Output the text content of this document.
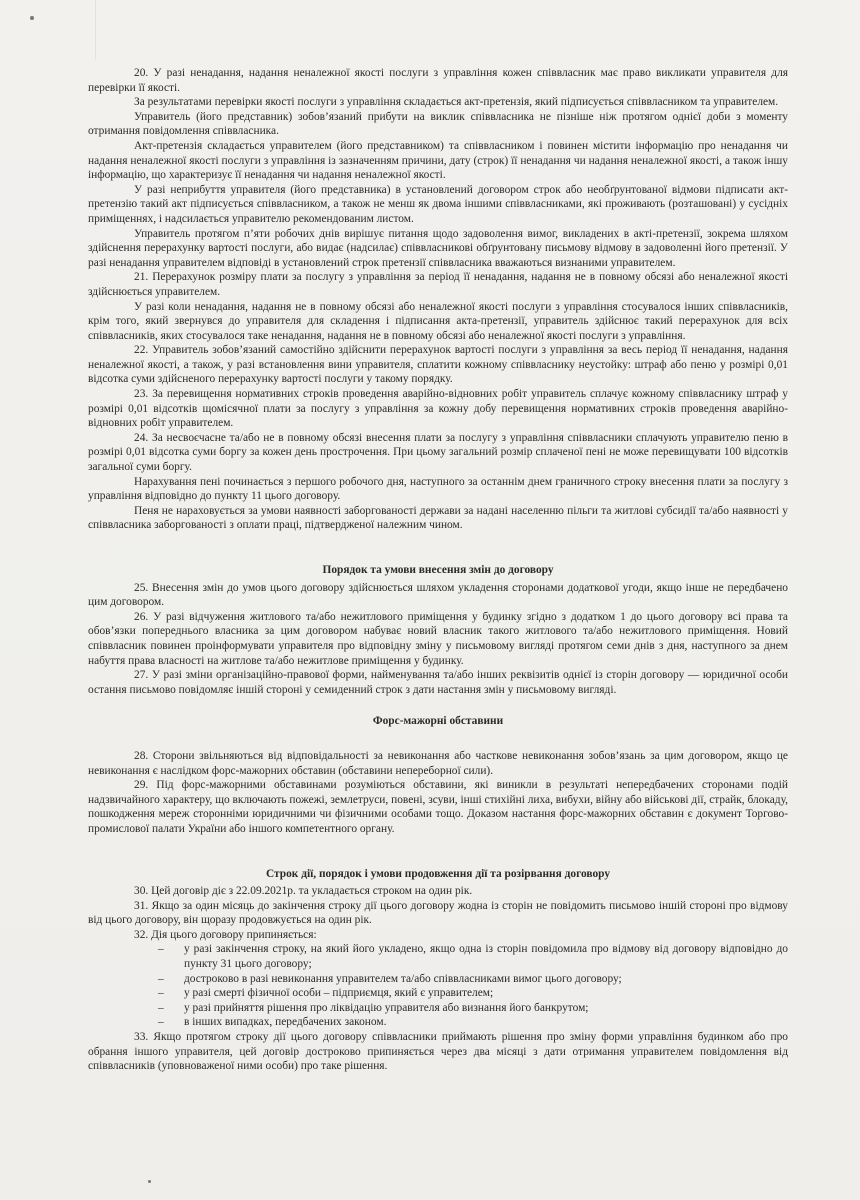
20. У разі ненадання, надання неналежної якості послуги з управління кожен співвласник має право викликати управителя для перевірки її якості.

За результатами перевірки якості послуги з управління складається акт-претензія, який підписується співвласником та управителем.

Управитель (його представник) зобов’язаний прибути на виклик співвласника не пізніше ніж протягом однієї доби з моменту отримання повідомлення співвласника.

Акт-претензія складається управителем (його представником) та співвласником і повинен містити інформацію про ненадання чи надання неналежної якості послуги з управління із зазначенням причини, дату (строк) її ненадання чи надання неналежної якості, а також іншу інформацію, що характеризує її ненадання чи надання неналежної якості.

У разі неприбуття управителя (його представника) в установлений договором строк або необґрунтованої відмови підписати акт-претензію такий акт підписується співвласником, а також не менш як двома іншими співвласниками, які проживають (розташовані) у сусідніх приміщеннях, і надсилається управителю рекомендованим листом.

Управитель протягом п’яти робочих днів вирішує питання щодо задоволення вимог, викладених в акті-претензії, зокрема шляхом здійснення перерахунку вартості послуги, або видає (надсилає) співвласникові обґрунтовану письмову відмову в задоволенні його претензії. У разі ненадання управителем відповіді в установлений строк претензії співвласника вважаються визнаними управителем.

21. Перерахунок розміру плати за послугу з управління за період її ненадання, надання не в повному обсязі або неналежної якості здійснюється управителем.

У разі коли ненадання, надання не в повному обсязі або неналежної якості послуги з управління стосувалося інших співвласників, крім того, який звернувся до управителя для складення і підписання акта-претензії, управитель здійснює такий перерахунок для всіх співвласників, яких стосувалося таке ненадання, надання не в повному обсязі або неналежної якості послуги з управління.

22. Управитель зобов’язаний самостійно здійснити перерахунок вартості послуги з управління за весь період її ненадання, надання неналежної якості, а також, у разі встановлення вини управителя, сплатити кожному співвласнику неустойку: штраф або пеню у розмірі 0,01 відсотка суми здійсненого перерахунку вартості послуги у такому порядку.

23. За перевищення нормативних строків проведення аварійно-відновних робіт управитель сплачує кожному співвласнику штраф у розмірі 0,01 відсотків щомісячної плати за послугу з управління за кожну добу перевищення нормативних строків проведення аварійно-відновних робіт управителем.

24. За несвоєчасне та/або не в повному обсязі внесення плати за послугу з управління співвласники сплачують управителю пеню в розмірі 0,01 відсотка суми боргу за кожен день прострочення. При цьому загальний розмір сплаченої пені не може перевищувати 100 відсотків загальної суми боргу.

Нарахування пені починається з першого робочого дня, наступного за останнім днем граничного строку внесення плати за послугу з управління відповідно до пункту 11 цього договору.

Пеня не нараховується за умови наявності заборгованості держави за надані населенню пільги та житлові субсидії та/або наявності у співвласника заборгованості з оплати праці, підтвердженої належним чином.

Порядок та умови внесення змін до договору

25. Внесення змін до умов цього договору здійснюється шляхом укладення сторонами додаткової угоди, якщо інше не передбачено цим договором.

26. У разі відчуження житлового та/або нежитлового приміщення у будинку згідно з додатком 1 до цього договору всі права та обов’язки попереднього власника за цим договором набуває новий власник такого житлового та/або нежитлового приміщення. Новий співвласник повинен проінформувати управителя про відповідну зміну у письмовому вигляді протягом семи днів з дня, наступного за днем набуття права власності на житлове та/або нежитлове приміщення у будинку.

27. У разі зміни організаційно-правової форми, найменування та/або інших реквізитів однієї із сторін договору — юридичної особи остання письмово повідомляє іншій стороні у семиденний строк з дати настання змін у письмовому вигляді.

Форс-мажорні обставини

28. Сторони звільняються від відповідальності за невиконання або часткове невиконання зобов’язань за цим договором, якщо це невиконання є наслідком форс-мажорних обставин (обставини непереборної сили).

29. Під форс-мажорними обставинами розуміються обставини, які виникли в результаті непередбачених сторонами подій надзвичайного характеру, що включають пожежі, землетруси, повені, зсуви, інші стихійні лиха, вибухи, війну або військові дії, страйк, блокаду, пошкодження мереж сторонніми юридичними чи фізичними особами тощо. Доказом настання форс-мажорних обставин є документ Торгово-промислової палати України або іншого компетентного органу.

Строк дії, порядок і умови продовження дії та розірвання договору

30. Цей договір діє з 22.09.2021р. та укладається строком на один рік.

31. Якщо за один місяць до закінчення строку дії цього договору жодна із сторін не повідомить письмово іншій стороні про відмову від цього договору, він щоразу продовжується на один рік.

32. Дія цього договору припиняється:

– у разі закінчення строку, на який його укладено, якщо одна із сторін повідомила про відмову від договору відповідно до пункту 31 цього договору;
– достроково в разі невиконання управителем та/або співвласниками вимог цього договору;
– у разі смерті фізичної особи – підприємця, який є управителем;
– у разі прийняття рішення про ліквідацію управителя або визнання його банкрутом;
– в інших випадках, передбачених законом.

33. Якщо протягом строку дії цього договору співвласники приймають рішення про зміну форми управління будинком або про обрання іншого управителя, цей договір достроково припиняється через два місяці з дати отримання управителем повідомлення від співвласників (уповноваженої ними особи) про таке рішення.
